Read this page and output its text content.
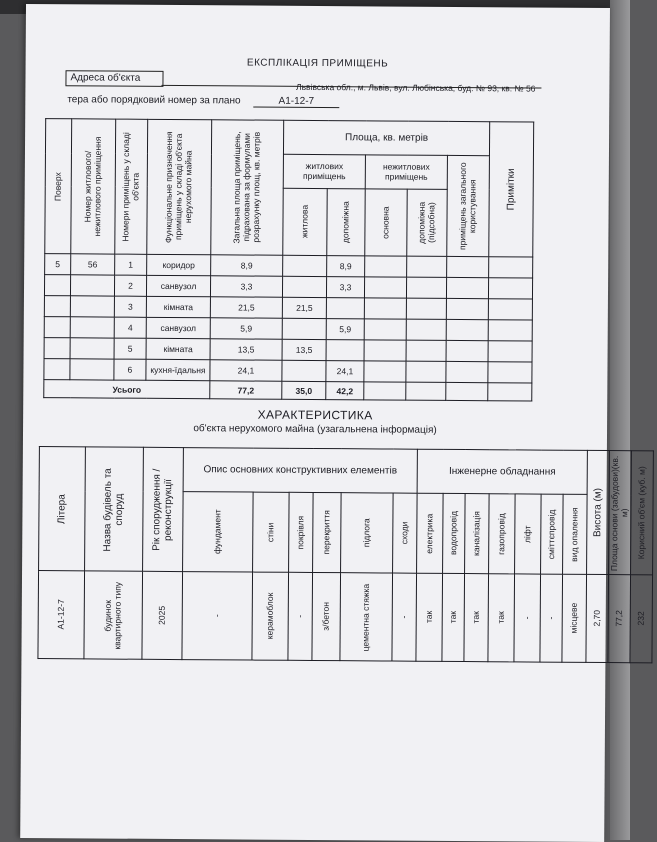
ЕКСПЛІКАЦІЯ ПРИМІЩЕНЬ
Адреса об'єкта
Львівська обл., м. Львів, вул. Любінська, буд. № 93, кв. № 56
тера або порядковий номер за плано	А1-12-7
Поверх	Номер житлового/ нежитлового приміщення	Номери приміщень у складі об'єкта	Функціональне призначення приміщень у складі об'єкта нерухомого майна	Загальна площа приміщень, підрахована за формулами розрахунку площ, кв. метрів	Площа, кв. метрів					Примітки

					житлових приміщень		нежитлових приміщень		приміщень загального користування	

					житлова	допоміжна	основна	допоміжна (підсобна)		

5	56	1	коридор	8,9		8,9				
		2	санвузол	3,3		3,3				
		3	кімната	21,5	21,5					
		4	санвузол	5,9		5,9				
		5	кімната	13,5	13,5					
		6	кухня-їдальня	24,1		24,1				
Усього				77,2	35,0	42,2				
ХАРАКТЕРИСТИКА
об'єкта нерухомого майна (узагальнена інформація)
Літера	Назва будівель та споруд	Рік спорудження / реконструкції	Опис основних конструктивних елементів						Інженерне обладнання							Висота (м)	Площа основи (забудови)(кв. м)	Корисний об'єм (куб. м)

			фундамент	стіни	покрівля	перекриття	підлога	сходи	електрика	водопровід	каналізація	газопровід	ліфт	сміттєпровід	вид опалення			

А1-12-7	будинок квартирного типу	2025	-	керамоблок	-	з/бетон	цементна стяжка	-	так	так	так	так	-	-	місцеве	2,70	77,2	232
